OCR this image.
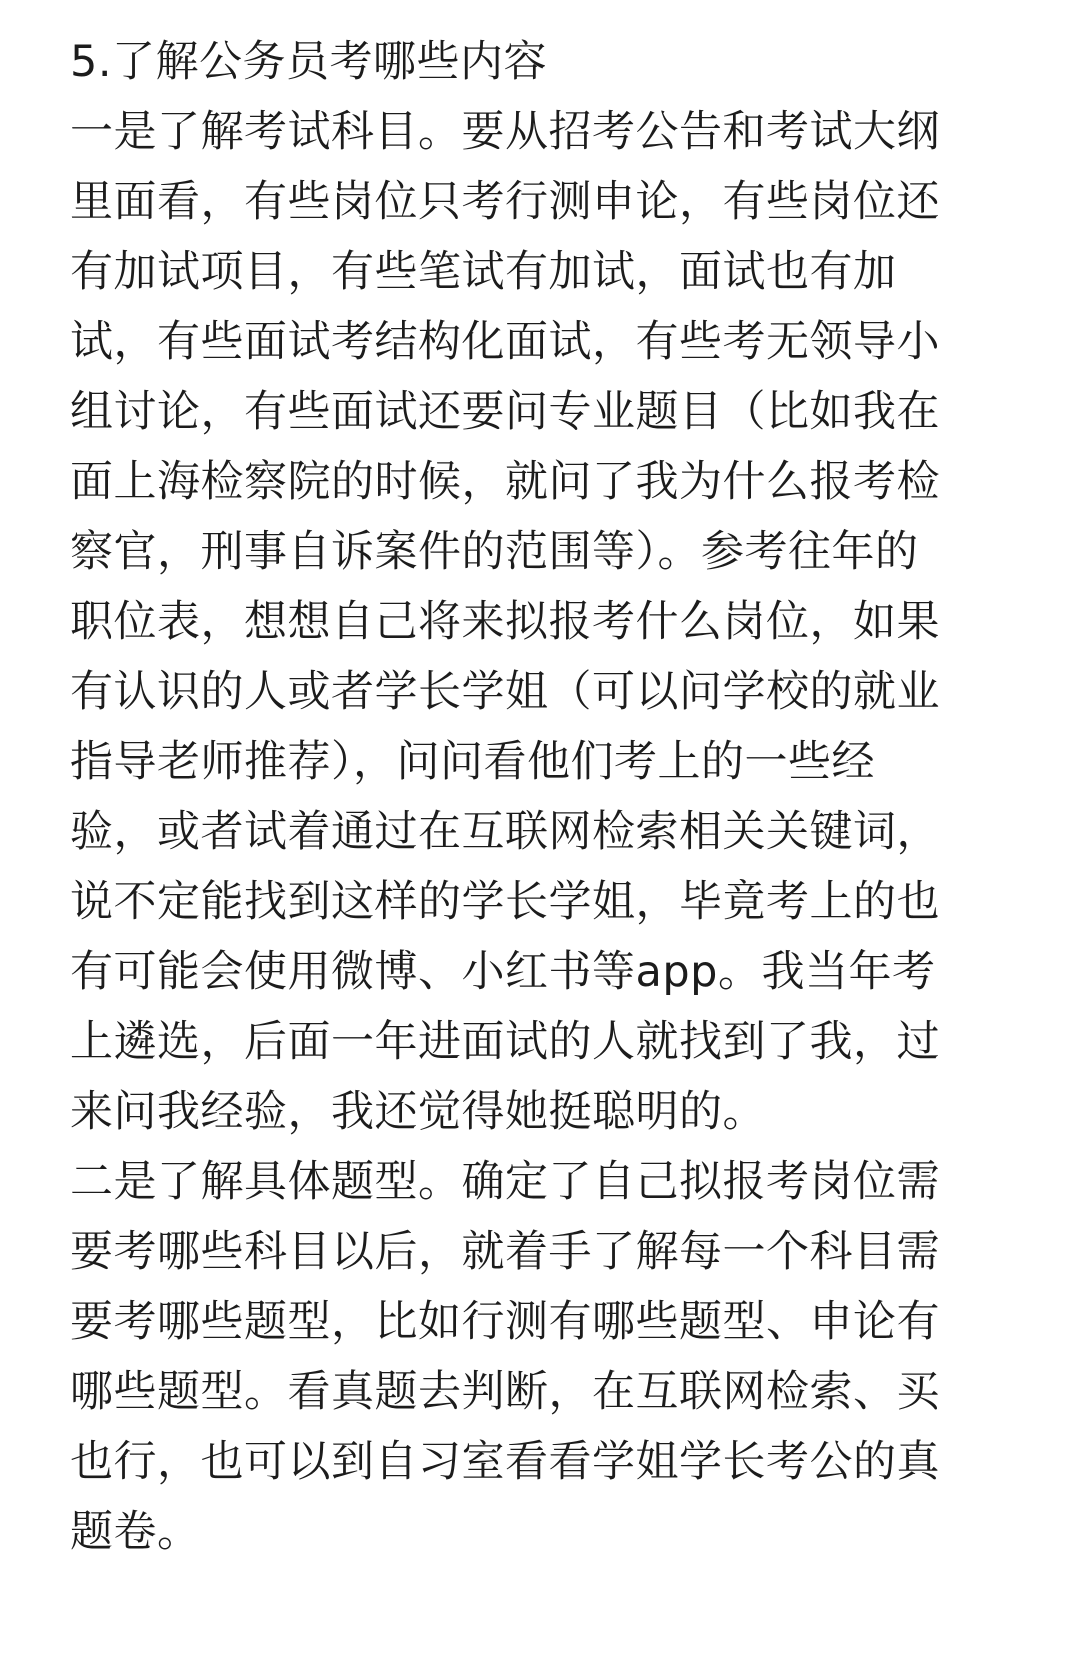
5.了解公务员考哪些内容
一是了解考试科目。要从招考公告和考试大纲
里面看，有些岗位只考行测申论，有些岗位还
有加试项目，有些笔试有加试，面试也有加
试，有些面试考结构化面试，有些考无领导小
组讨论，有些面试还要问专业题目（比如我在
面上海检察院的时候，就问了我为什么报考检
察官，刑事自诉案件的范围等）。参考往年的
职位表，想想自己将来拟报考什么岗位，如果
有认识的人或者学长学姐（可以问学校的就业
指导老师推荐），问问看他们考上的一些经
验，或者试着通过在互联网检索相关关键词，
说不定能找到这样的学长学姐，毕竟考上的也
有可能会使用微博、小红书等app。我当年考
上遴选，后面一年进面试的人就找到了我，过
来问我经验，我还觉得她挺聪明的。
二是了解具体题型。确定了自己拟报考岗位需
要考哪些科目以后，就着手了解每一个科目需
要考哪些题型，比如行测有哪些题型、申论有
哪些题型。看真题去判断，在互联网检索、买
也行，也可以到自习室看看学姐学长考公的真
题卷。
